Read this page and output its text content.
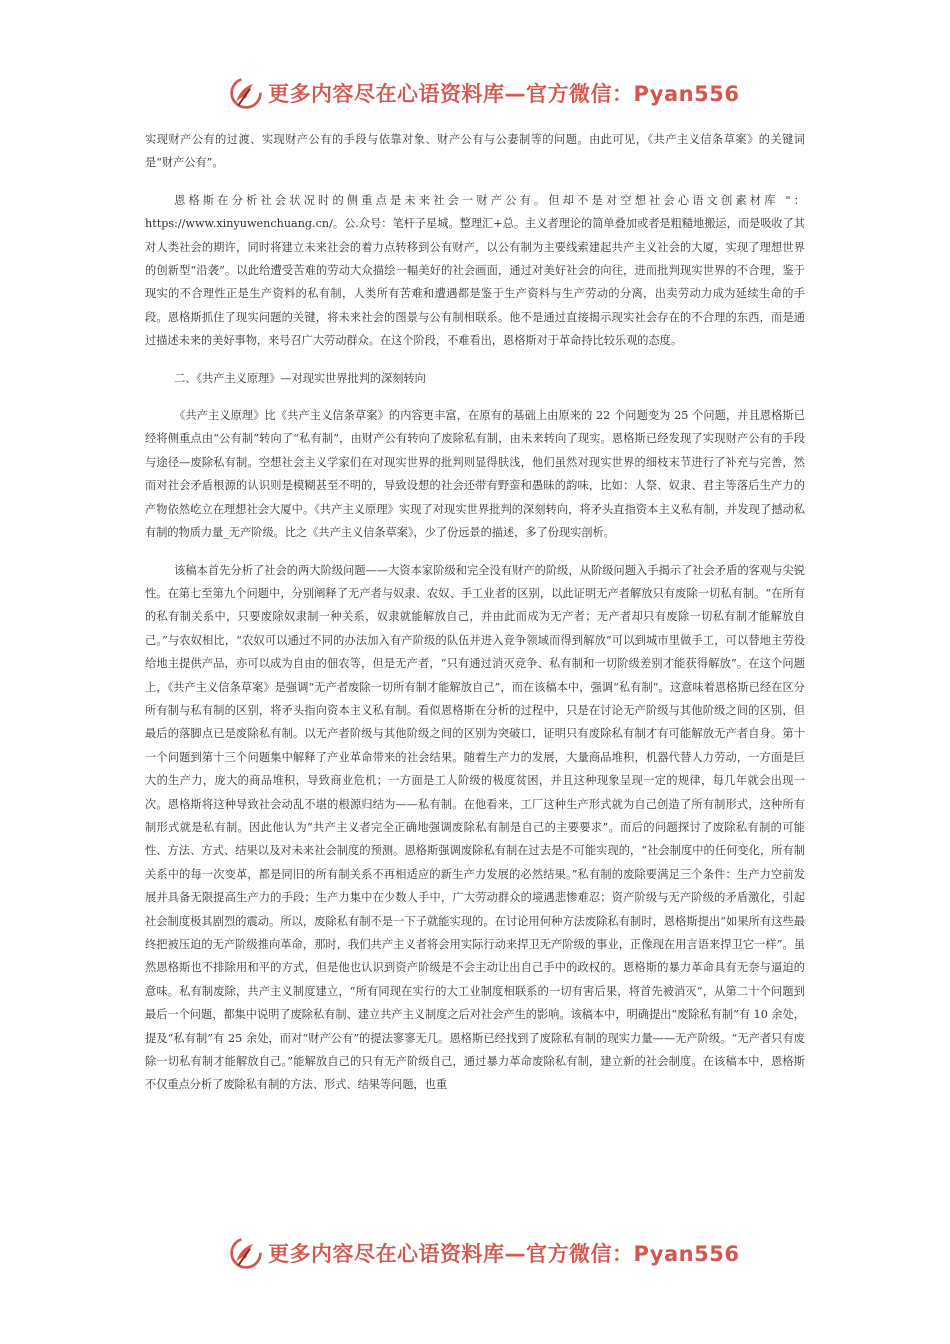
更多内容尽在心语资料库—官方微信：Pyan556

实现财产公有的过渡、实现财产公有的手段与依靠对象、财产公有与公妻制等的问题。由此可见，《共产主义信条草案》的关键词是“财产公有”。

恩格斯在分析社会状况时的侧重点是未来社会一财产公有。但却不是对空想社会心语文创素材库 "：https://www.xinyuwenchuang.cn/。公.众号：笔杆子星城。整理汇+总。主义者理论的简单叠加或者是粗糙地搬运，而是吸收了其对人类社会的期许，同时将建立未来社会的着力点转移到公有财产，以公有制为主要线索建起共产主义社会的大厦，实现了理想世界的创新型“沿袭”。以此给遭受苦难的劳动大众描绘一幅美好的社会画面，通过对美好社会的向往，进而批判现实世界的不合理，鉴于现实的不合理性正是生产资料的私有制，人类所有苦难和遭遇都是鉴于生产资料与生产劳动的分离，出卖劳动力成为延续生命的手段。恩格斯抓住了现实问题的关键，将未来社会的图景与公有制相联系。他不是通过直接揭示现实社会存在的不合理的东西，而是通过描述未来的美好事物，来号召广大劳动群众。在这个阶段，不难看出，恩格斯对于革命持比较乐观的态度。

二、《共产主义原理》—对现实世界批判的深刻转向

《共产主义原理》比《共产主义信条草案》的内容更丰富，在原有的基础上由原来的 22 个问题变为 25 个问题，并且恩格斯已经将侧重点由“公有制”转向了“私有制”，由财产公有转向了废除私有制，由未来转向了现实。恩格斯已经发现了实现财产公有的手段与途径—废除私有制。空想社会主义学家们在对现实世界的批判则显得肤浅，他们虽然对现实世界的细枝末节进行了补充与完善，然而对社会矛盾根源的认识则是模糊甚至不明的，导致设想的社会还带有野蛮和愚昧的韵味，比如：人祭、奴隶、君主等落后生产力的产物依然屹立在理想社会大厦中。《共产主义原理》实现了对现实世界批判的深刻转向，将矛头直指资本主义私有制，并发现了撼动私有制的物质力量_无产阶级。比之《共产主义信条草案》，少了份远景的描述，多了份现实剖析。

该稿本首先分析了社会的两大阶级问题——大资本家阶级和完全没有财产的阶级，从阶级问题入手揭示了社会矛盾的客观与尖锐性。在第七至第九个问题中，分别阐释了无产者与奴隶、农奴、手工业者的区别，以此证明无产者解放只有废除一切私有制。“在所有的私有制关系中，只要废除奴隶制一种关系，奴隶就能解放自己，并由此而成为无产者；无产者却只有废除一切私有制才能解放自己。”与农奴相比，“农奴可以通过不同的办法加入有产阶级的队伍并进入竞争领域而得到解放”可以到城市里做手工，可以替地主劳役给地主提供产品，亦可以成为自由的佃农等，但是无产者，“只有通过消灭竞争、私有制和一切阶级差别才能获得解放”。在这个问题上，《共产主义信条草案》是强调“无产者废除一切所有制才能解放自己”，而在该稿本中，强调“私有制”。这意味着恩格斯已经在区分所有制与私有制的区别，将矛头指向资本主义私有制。看似恩格斯在分析的过程中，只是在讨论无产阶级与其他阶级之间的区别，但最后的落脚点已是废除私有制。以无产者阶级与其他阶级之间的区别为突破口，证明只有废除私有制才有可能解放无产者自身。第十一个问题到第十三个问题集中解释了产业革命带来的社会结果。随着生产力的发展，大量商品堆积，机器代替人力劳动，一方面是巨大的生产力，庞大的商品堆积，导致商业危机；一方面是工人阶级的极度贫困，并且这种现象呈现一定的规律，每几年就会出现一次。恩格斯将这种导致社会动乱不堪的根源归结为——私有制。在他看来，工厂这种生产形式就为自己创造了所有制形式，这种所有制形式就是私有制。因此他认为“共产主义者完全正确地强调废除私有制是自己的主要要求”。而后的问题探讨了废除私有制的可能性、方法、方式、结果以及对未来社会制度的预测。恩格斯强调废除私有制在过去是不可能实现的，“社会制度中的任何变化，所有制关系中的每一次变革，都是同旧的所有制关系不再相适应的新生产力发展的必然结果。”私有制的废除要满足三个条件：生产力空前发展并具备无限提高生产力的手段；生产力集中在少数人手中，广大劳动群众的境遇悲惨难忍；资产阶级与无产阶级的矛盾激化，引起社会制度极其剧烈的震动。所以，废除私有制不是一下子就能实现的。在讨论用何种方法废除私有制时，恩格斯提出“如果所有这些最终把被压迫的无产阶级推向革命，那时，我们共产主义者将会用实际行动来捍卫无产阶级的事业，正像现在用言语来捍卫它一样”。虽然恩格斯也不排除用和平的方式，但是他也认识到资产阶级是不会主动让出自己手中的政权的。恩格斯的暴力革命具有无奈与逼迫的意味。私有制废除，共产主义制度建立，“所有同现在实行的大工业制度相联系的一切有害后果，将首先被消灭”，从第二十个问题到最后一个问题，都集中说明了废除私有制、建立共产主义制度之后对社会产生的影响。该稿本中，明确提出“废除私有制”有 10 余处，提及“私有制”有 25 余处，而对“财产公有”的提法寥寥无几。恩格斯已经找到了废除私有制的现实力量——无产阶级。“无产者只有废除一切私有制才能解放自己。”能解放自己的只有无产阶级自己，通过暴力革命废除私有制，建立新的社会制度。在该稿本中，恩格斯不仅重点分析了废除私有制的方法、形式、结果等问题，也重

更多内容尽在心语资料库—官方微信：Pyan556
